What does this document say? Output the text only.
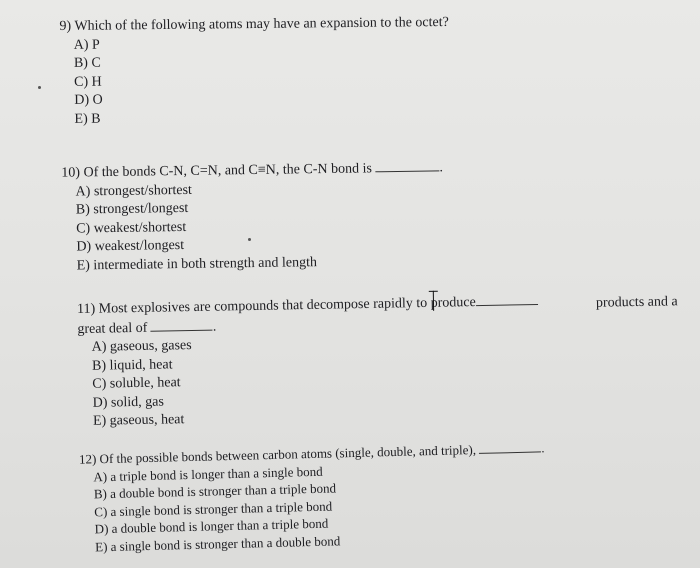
9) Which of the following atoms may have an expansion to the octet?
A) P
B) C
C) H
D) O
E) B
10) Of the bonds C-N, C=N, and C≡N, the C-N bond is	.
A) strongest/shortest
B) strongest/longest
C) weakest/shortest
D) weakest/longest
E) intermediate in both strength and length
11) Most explosives are compounds that decompose rapidly to produce
great deal of	.
A) gaseous, gases
B) liquid, heat
C) soluble, heat
D) solid, gas
E) gaseous, heat
products and a
12) Of the possible bonds between carbon atoms (single, double, and triple),	.
A) a triple bond is longer than a single bond
B) a double bond is stronger than a triple bond
C) a single bond is stronger than a triple bond
D) a double bond is longer than a triple bond
E) a single bond is stronger than a double bond
